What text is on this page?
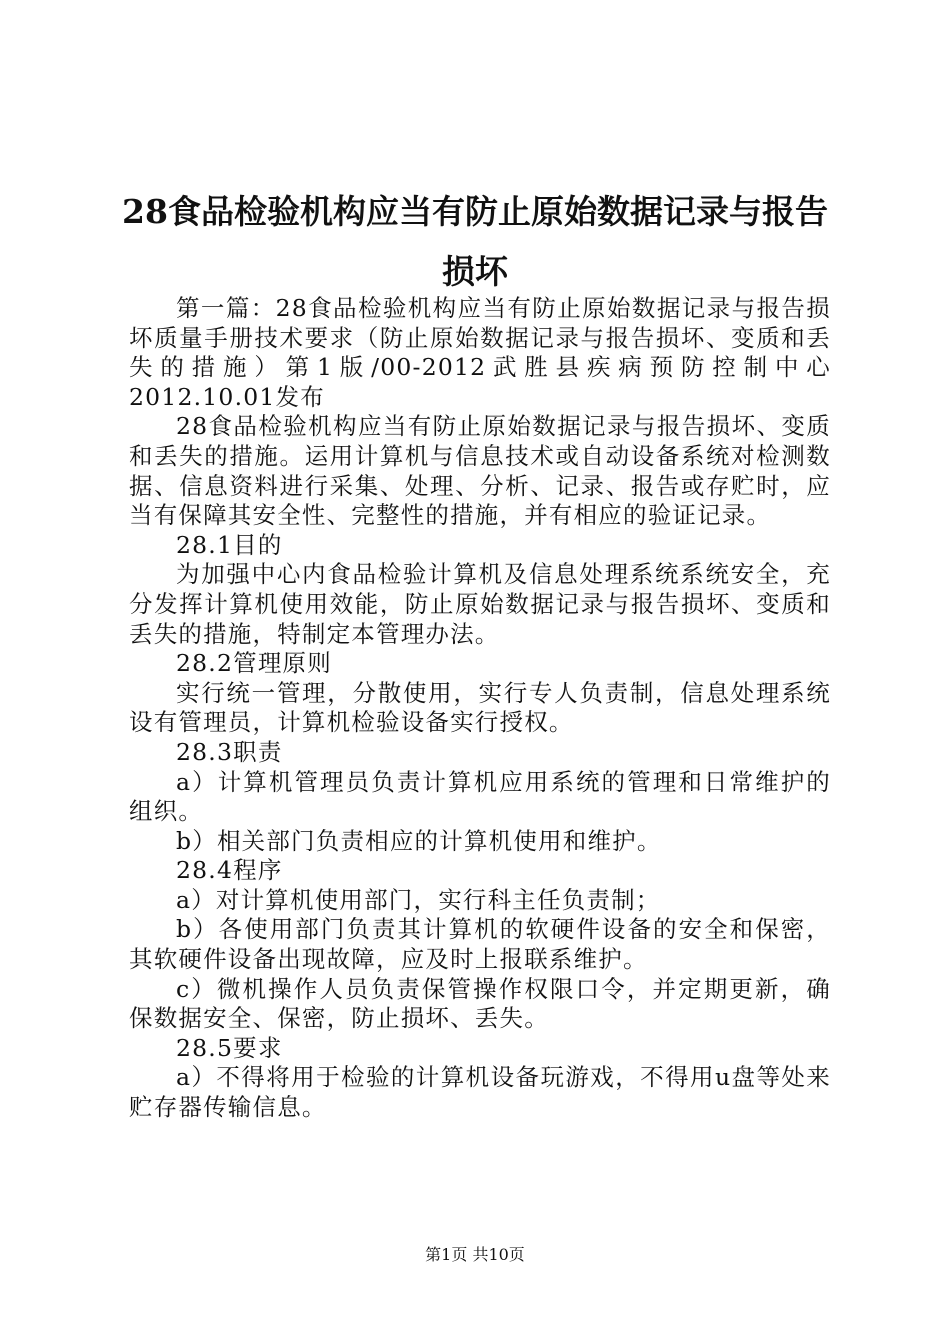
28食品检验机构应当有防止原始数据记录与报告损坏

第一篇：28食品检验机构应当有防止原始数据记录与报告损坏质量手册技术要求（防止原始数据记录与报告损坏、变质和丢失的措施）第1版/00-2012武胜县疾病预防控制中心2012.10.01发布

28食品检验机构应当有防止原始数据记录与报告损坏、变质和丢失的措施。运用计算机与信息技术或自动设备系统对检测数据、信息资料进行采集、处理、分析、记录、报告或存贮时，应当有保障其安全性、完整性的措施，并有相应的验证记录。

28.1目的

为加强中心内食品检验计算机及信息处理系统系统安全，充分发挥计算机使用效能，防止原始数据记录与报告损坏、变质和丢失的措施，特制定本管理办法。

28.2管理原则

实行统一管理，分散使用，实行专人负责制，信息处理系统设有管理员，计算机检验设备实行授权。

28.3职责

a）计算机管理员负责计算机应用系统的管理和日常维护的组织。

b）相关部门负责相应的计算机使用和维护。

28.4程序

a）对计算机使用部门，实行科主任负责制；

b）各使用部门负责其计算机的软硬件设备的安全和保密，其软硬件设备出现故障，应及时上报联系维护。

c）微机操作人员负责保管操作权限口令，并定期更新，确保数据安全、保密，防止损坏、丢失。

28.5要求

a）不得将用于检验的计算机设备玩游戏，不得用u盘等处来贮存器传输信息。

第1页 共10页
